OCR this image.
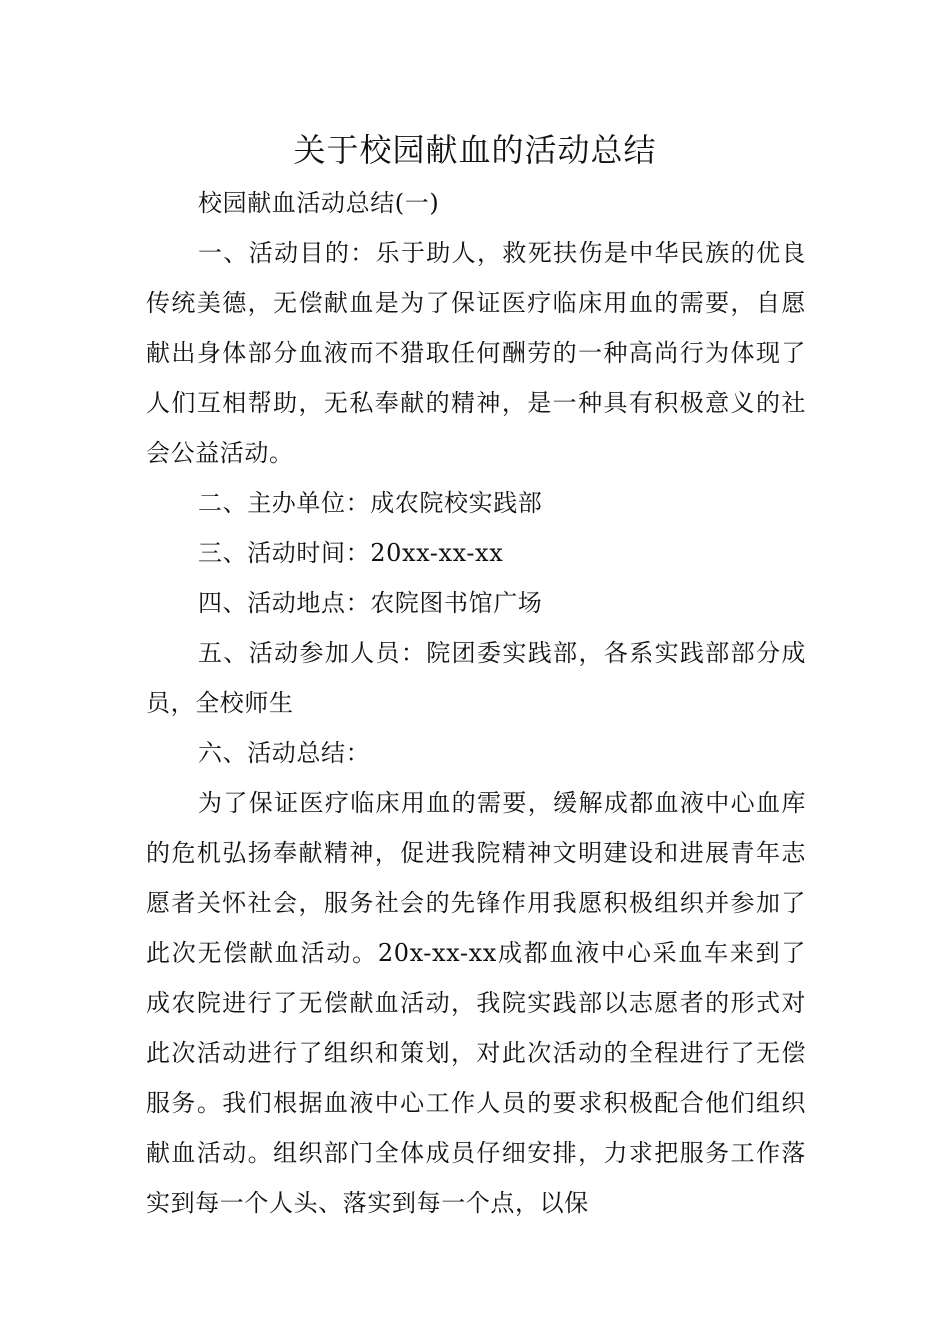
关于校园献血的活动总结

校园献血活动总结(一)

一、活动目的：乐于助人，救死扶伤是中华民族的优良传统美德，无偿献血是为了保证医疗临床用血的需要，自愿献出身体部分血液而不猎取任何酬劳的一种高尚行为体现了人们互相帮助，无私奉献的精神，是一种具有积极意义的社会公益活动。

二、主办单位：成农院校实践部

三、活动时间：20xx-xx-xx

四、活动地点：农院图书馆广场

五、活动参加人员：院团委实践部，各系实践部部分成员，全校师生

六、活动总结：

为了保证医疗临床用血的需要，缓解成都血液中心血库的危机弘扬奉献精神，促进我院精神文明建设和进展青年志愿者关怀社会，服务社会的先锋作用我愿积极组织并参加了此次无偿献血活动。20x-xx-xx成都血液中心采血车来到了成农院进行了无偿献血活动，我院实践部以志愿者的形式对此次活动进行了组织和策划，对此次活动的全程进行了无偿服务。我们根据血液中心工作人员的要求积极配合他们组织献血活动。组织部门全体成员仔细安排，力求把服务工作落实到每一个人头、落实到每一个点，以保
